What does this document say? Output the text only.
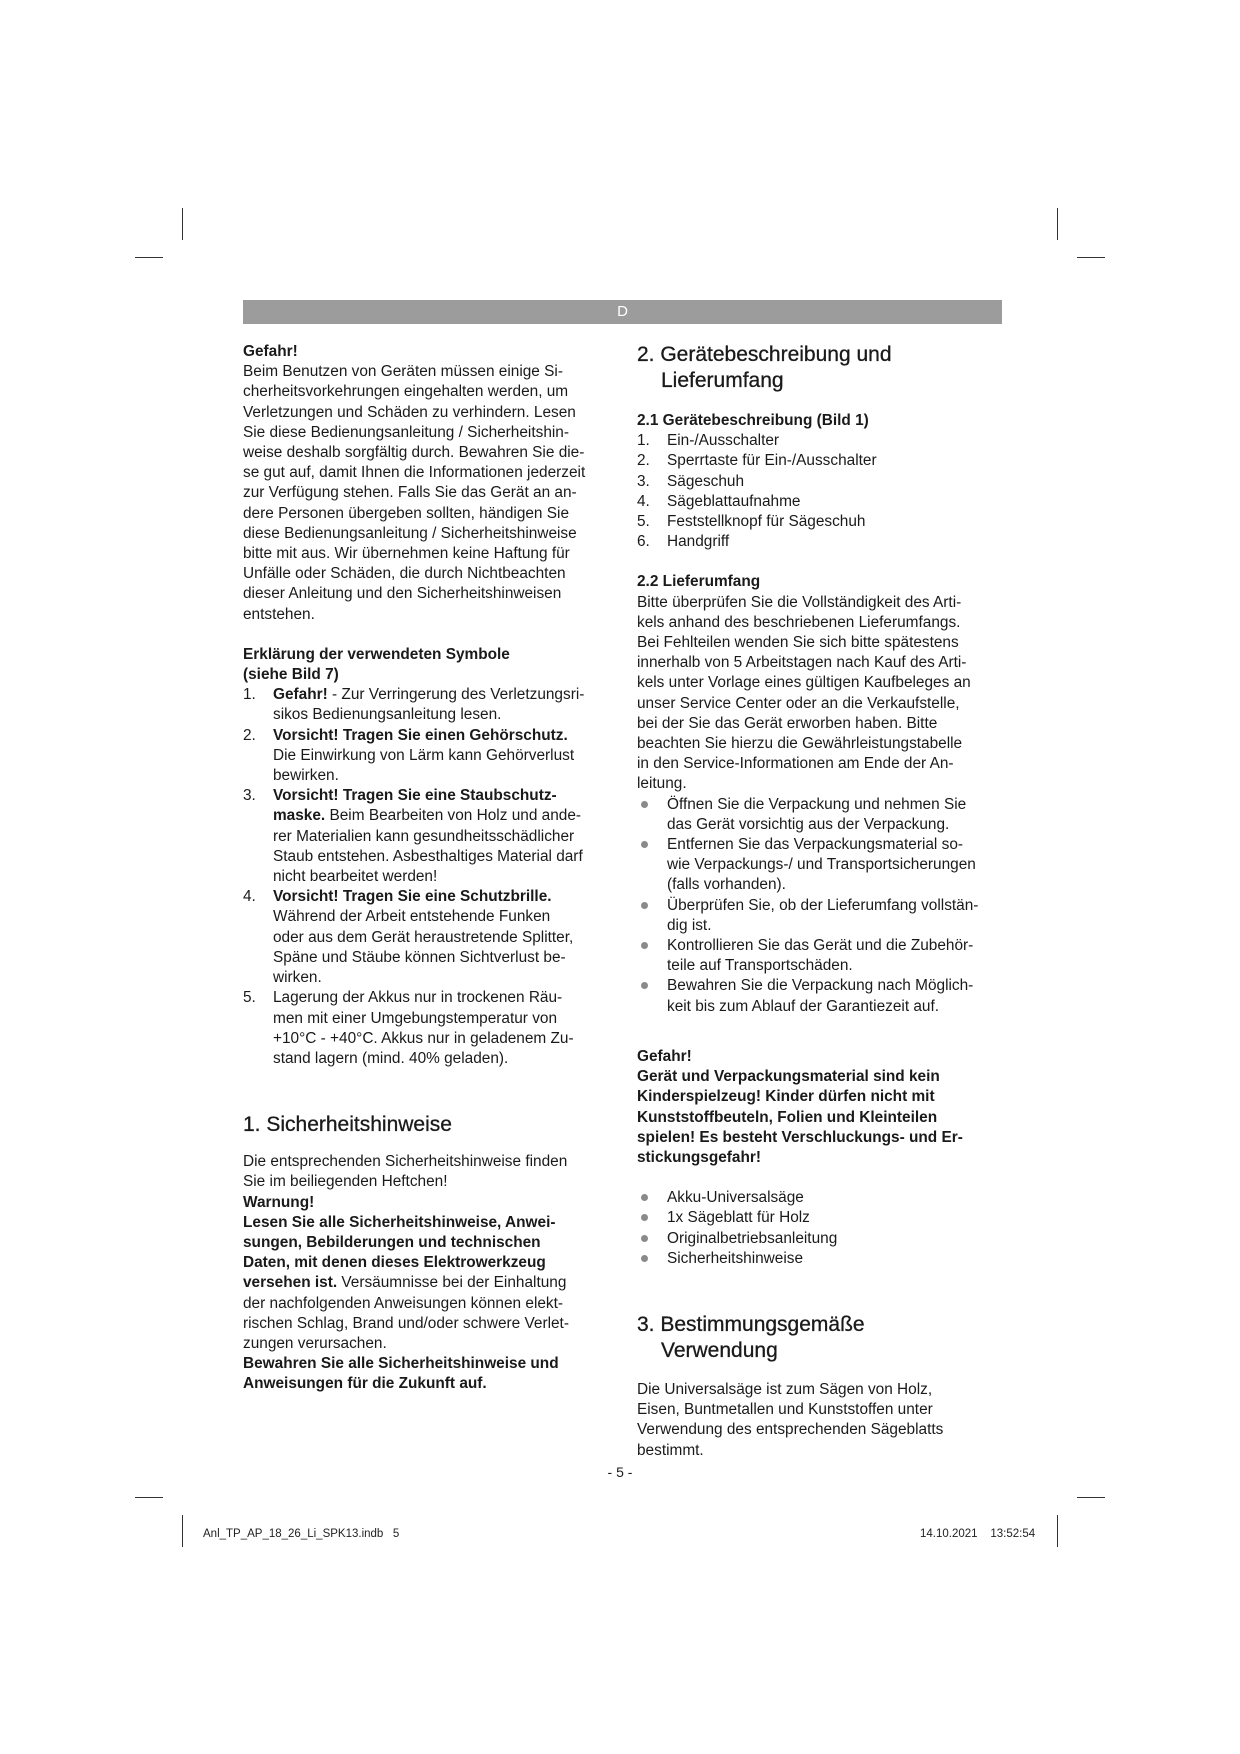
D

Gefahr!

Beim Benutzen von Geräten müssen einige Si-

cherheitsvorkehrungen eingehalten werden, um

Verletzungen und Schäden zu verhindern. Lesen

Sie diese Bedienungsanleitung / Sicherheitshin-

weise deshalb sorgfältig durch. Bewahren Sie die-

se gut auf, damit Ihnen die Informationen jederzeit

zur Verfügung stehen. Falls Sie das Gerät an an-

dere Personen übergeben sollten, händigen Sie

diese Bedienungsanleitung / Sicherheitshinweise

bitte mit aus. Wir übernehmen keine Haftung für

Unfälle oder Schäden, die durch Nichtbeachten

dieser Anleitung und den Sicherheitshinweisen

entstehen.

Erklärung der verwendeten Symbole

(siehe Bild 7)

1. Gefahr! - Zur Verringerung des Verletzungsri-
sikos Bedienungsanleitung lesen.
2. Vorsicht! Tragen Sie einen Gehörschutz.
Die Einwirkung von Lärm kann Gehörverlust
bewirken.
3. Vorsicht! Tragen Sie eine Staubschutz-
maske. Beim Bearbeiten von Holz und ande-
rer Materialien kann gesundheitsschädlicher
Staub entstehen. Asbesthaltiges Material darf
nicht bearbeitet werden!
4. Vorsicht! Tragen Sie eine Schutzbrille.
Während der Arbeit entstehende Funken
oder aus dem Gerät heraustretende Splitter,
Späne und Stäube können Sichtverlust be-
wirken.
5. Lagerung der Akkus nur in trockenen Räu-
men mit einer Umgebungstemperatur von
+10°C - +40°C. Akkus nur in geladenem Zu-
stand lagern (mind. 40% geladen).
1. Sicherheitshinweise

Die entsprechenden Sicherheitshinweise finden

Sie im beiliegenden Heftchen!

Warnung!

Lesen Sie alle Sicherheitshinweise, Anwei-

sungen, Bebilderungen und technischen

Daten, mit denen dieses Elektrowerkzeug

versehen ist. Versäumnisse bei der Einhaltung

der nachfolgenden Anweisungen können elekt-

rischen Schlag, Brand und/oder schwere Verlet-

zungen verursachen.

Bewahren Sie alle Sicherheitshinweise und

Anweisungen für die Zukunft auf.

2. Gerätebeschreibung und
Lieferumfang

2.1 Gerätebeschreibung (Bild 1)

1. Ein-/Ausschalter
2. Sperrtaste für Ein-/Ausschalter
3. Sägeschuh
4. Sägeblattaufnahme
5. Feststellknopf für Sägeschuh
6. Handgriff

2.2 Lieferumfang

Bitte überprüfen Sie die Vollständigkeit des Arti-

kels anhand des beschriebenen Lieferumfangs.

Bei Fehlteilen wenden Sie sich bitte spätestens

innerhalb von 5 Arbeitstagen nach Kauf des Arti-

kels unter Vorlage eines gültigen Kaufbeleges an

unser Service Center oder an die Verkaufstelle,

bei der Sie das Gerät erworben haben. Bitte

beachten Sie hierzu die Gewährleistungstabelle

in den Service-Informationen am Ende der An-

leitung.

Öffnen Sie die Verpackung und nehmen Sie
das Gerät vorsichtig aus der Verpackung.
Entfernen Sie das Verpackungsmaterial so-
wie Verpackungs-/ und Transportsicherungen
(falls vorhanden).
Überprüfen Sie, ob der Lieferumfang vollstän-
dig ist.
Kontrollieren Sie das Gerät und die Zubehör-
teile auf Transportschäden.
Bewahren Sie die Verpackung nach Möglich-
keit bis zum Ablauf der Garantiezeit auf.

Gefahr!

Gerät und Verpackungsmaterial sind kein

Kinderspielzeug! Kinder dürfen nicht mit

Kunststoffbeuteln, Folien und Kleinteilen

spielen! Es besteht Verschluckungs- und Er-

stickungsgefahr!

Akku-Universalsäge
1x Sägeblatt für Holz
Originalbetriebsanleitung
Sicherheitshinweise
3. Bestimmungsgemäße
Verwendung

Die Universalsäge ist zum Sägen von Holz,

Eisen, Buntmetallen und Kunststoffen unter

Verwendung des entsprechenden Sägeblatts

bestimmt.

- 5 -
Anl_TP_AP_18_26_Li_SPK13.indb   5	14.10.2021 13:52:54
